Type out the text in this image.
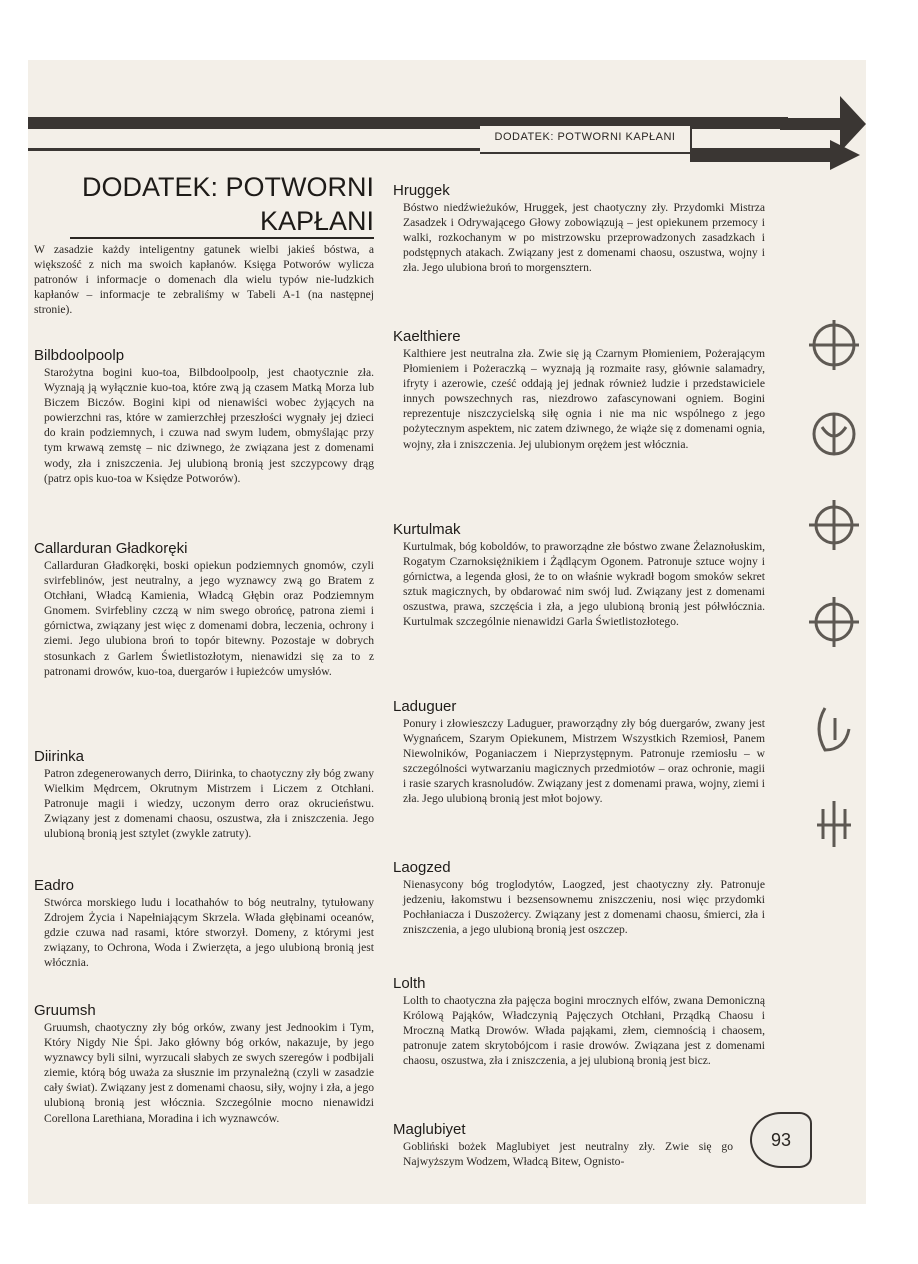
DODATEK: POTWORNI KAPŁANI
DODATEK: POTWORNI
KAPŁANI
W zasadzie każdy inteligentny gatunek wielbi jakieś bóstwa, a większość z nich ma swoich kapłanów. Księga Potworów wylicza patronów i informacje o domenach dla wielu typów nie-ludzkich kapłanów – informacje te zebraliśmy w Tabeli A-1 (na następnej stronie).
Bilbdoolpoolp

Starożytna bogini kuo-toa, Bilbdoolpoolp, jest chaotycznie zła. Wyznają ją wyłącznie kuo-toa, które zwą ją czasem Matką Morza lub Biczem Biczów. Bogini kipi od nienawiści wobec żyjących na powierzchni ras, które w zamierzchłej przeszłości wygnały jej dzieci do krain podziemnych, i czuwa nad swym ludem, obmyślając przy tym krwawą zemstę – nic dziwnego, że związana jest z domenami wody, zła i zniszczenia. Jej ulubioną bronią jest szczypcowy drąg (patrz opis kuo-toa w Księdze Potworów).

Callarduran Gładkoręki

Callarduran Gładkoręki, boski opiekun podziemnych gnomów, czyli svirfeblinów, jest neutralny, a jego wyznawcy zwą go Bratem z Otchłani, Władcą Kamienia, Władcą Głębin oraz Podziemnym Gnomem. Svirfebliny czczą w nim swego obrońcę, patrona ziemi i górnictwa, związany jest więc z domenami dobra, leczenia, ochrony i ziemi. Jego ulubiona broń to topór bitewny. Pozostaje w dobrych stosunkach z Garlem Świetlistozłotym, nienawidzi się za to z patronami drowów, kuo-toa, duergarów i łupieżców umysłów.

Diirinka

Patron zdegenerowanych derro, Diirinka, to chaotyczny zły bóg zwany Wielkim Mędrcem, Okrutnym Mistrzem i Liczem z Otchłani. Patronuje magii i wiedzy, uczonym derro oraz okrucieństwu. Związany jest z domenami chaosu, oszustwa, zła i zniszczenia. Jego ulubioną bronią jest sztylet (zwykle zatruty).

Eadro

Stwórca morskiego ludu i locathahów to bóg neutralny, tytułowany Zdrojem Życia i Napełniającym Skrzela. Włada głębinami oceanów, gdzie czuwa nad rasami, które stworzył. Domeny, z którymi jest związany, to Ochrona, Woda i Zwierzęta, a jego ulubioną bronią jest włócznia.

Gruumsh

Gruumsh, chaotyczny zły bóg orków, zwany jest Jednookim i Tym, Który Nigdy Nie Śpi. Jako główny bóg orków, nakazuje, by jego wyznawcy byli silni, wyrzucali słabych ze swych szeregów i podbijali ziemie, którą bóg uważa za słusznie im przynależną (czyli w zasadzie cały świat). Związany jest z domenami chaosu, siły, wojny i zła, a jego ulubioną bronią jest włócznia. Szczególnie mocno nienawidzi Corellona Larethiana, Moradina i ich wyznawców.

Hruggek

Bóstwo niedźwieżuków, Hruggek, jest chaotyczny zły. Przydomki Mistrza Zasadzek i Odrywającego Głowy zobowiązują – jest opiekunem przemocy i walki, rozkochanym w po mistrzowsku przeprowadzonych zasadzkach i podstępnych atakach. Związany jest z domenami chaosu, oszustwa, wojny i zła. Jego ulubiona broń to morgensztern.

Kaelthiere

Kalthiere jest neutralna zła. Zwie się ją Czarnym Płomieniem, Pożerającym Płomieniem i Pożeraczką – wyznają ją rozmaite rasy, głównie salamadry, ifryty i azerowie, cześć oddają jej jednak również ludzie i przedstawiciele innych powszechnych ras, niezdrowo zafascynowani ogniem. Bogini reprezentuje niszczycielską siłę ognia i nie ma nic wspólnego z jego pożytecznym aspektem, nic zatem dziwnego, że wiąże się z domenami ognia, wojny, zła i zniszczenia. Jej ulubionym orężem jest włócznia.

Kurtulmak

Kurtulmak, bóg koboldów, to praworządne złe bóstwo zwane Żelaznołuskim, Rogatym Czarnoksiężnikiem i Żądlącym Ogonem. Patronuje sztuce wojny i górnictwa, a legenda głosi, że to on właśnie wykradł bogom smoków sekret sztuk magicznych, by obdarować nim swój lud. Związany jest z domenami oszustwa, prawa, szczęścia i zła, a jego ulubioną bronią jest półwłócznia. Kurtulmak szczególnie nienawidzi Garla Świetlistozłotego.

Laduguer

Ponury i złowieszczy Laduguer, praworządny zły bóg duergarów, zwany jest Wygnańcem, Szarym Opiekunem, Mistrzem Wszystkich Rzemiosł, Panem Niewolników, Poganiaczem i Nieprzystępnym. Patronuje rzemiosłu – w szczególności wytwarzaniu magicznych przedmiotów – oraz ochronie, magii i rasie szarych krasnoludów. Związany jest z domenami prawa, wojny, ziemi i zła. Jego ulubioną bronią jest młot bojowy.

Laogzed

Nienasycony bóg troglodytów, Laogzed, jest chaotyczny zły. Patronuje jedzeniu, łakomstwu i bezsensownemu zniszczeniu, nosi więc przydomki Pochłaniacza i Duszożercy. Związany jest z domenami chaosu, śmierci, zła i zniszczenia, a jego ulubioną bronią jest oszczep.

Lolth

Lolth to chaotyczna zła pajęcza bogini mrocznych elfów, zwana Demoniczną Królową Pająków, Władczynią Pajęczych Otchłani, Prządką Chaosu i Mroczną Matką Drowów. Włada pająkami, złem, ciemnością i chaosem, patronuje zatem skrytobójcom i rasie drowów. Związana jest z domenami chaosu, oszustwa, zła i zniszczenia, a jej ulubioną bronią jest bicz.

Maglubiyet

Gobliński bożek Maglubiyet jest neutralny zły. Zwie się go Najwyższym Wodzem, Władcą Bitew, Ognisto-

93
